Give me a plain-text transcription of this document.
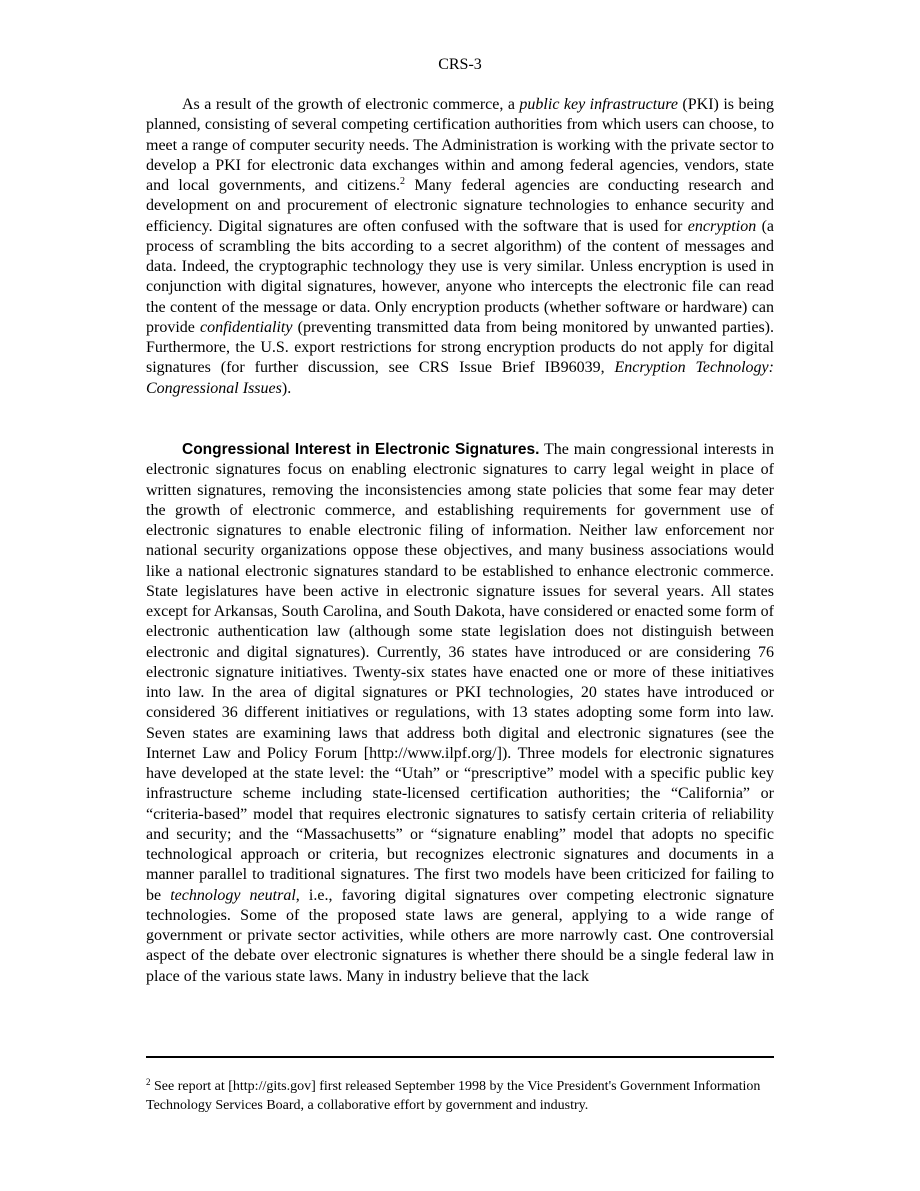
CRS-3

As a result of the growth of electronic commerce, a public key infrastructure (PKI) is being planned, consisting of several competing certification authorities from which users can choose, to meet a range of computer security needs. The Administration is working with the private sector to develop a PKI for electronic data exchanges within and among federal agencies, vendors, state and local governments, and citizens.$^2$ Many federal agencies are conducting research and development on and procurement of electronic signature technologies to enhance security and efficiency. Digital signatures are often confused with the software that is used for encryption (a process of scrambling the bits according to a secret algorithm) of the content of messages and data. Indeed, the cryptographic technology they use is very similar. Unless encryption is used in conjunction with digital signatures, however, anyone who intercepts the electronic file can read the content of the message or data. Only encryption products (whether software or hardware) can provide confidentiality (preventing transmitted data from being monitored by unwanted parties). Furthermore, the U.S. export restrictions for strong encryption products do not apply for digital signatures (for further discussion, see CRS Issue Brief IB96039, Encryption Technology: Congressional Issues).

Congressional Interest in Electronic Signatures. The main congressional interests in electronic signatures focus on enabling electronic signatures to carry legal weight in place of written signatures, removing the inconsistencies among state policies that some fear may deter the growth of electronic commerce, and establishing requirements for government use of electronic signatures to enable electronic filing of information. Neither law enforcement nor national security organizations oppose these objectives, and many business associations would like a national electronic signatures standard to be established to enhance electronic commerce. State legislatures have been active in electronic signature issues for several years. All states except for Arkansas, South Carolina, and South Dakota, have considered or enacted some form of electronic authentication law (although some state legislation does not distinguish between electronic and digital signatures). Currently, 36 states have introduced or are considering 76 electronic signature initiatives. Twenty-six states have enacted one or more of these initiatives into law. In the area of digital signatures or PKI technologies, 20 states have introduced or considered 36 different initiatives or regulations, with 13 states adopting some form into law. Seven states are examining laws that address both digital and electronic signatures (see the Internet Law and Policy Forum [http://www.ilpf.org/]). Three models for electronic signatures have developed at the state level: the “Utah” or “prescriptive” model with a specific public key infrastructure scheme including state-licensed certification authorities; the “California” or “criteria-based” model that requires electronic signatures to satisfy certain criteria of reliability and security; and the “Massachusetts” or “signature enabling” model that adopts no specific technological approach or criteria, but recognizes electronic signatures and documents in a manner parallel to traditional signatures. The first two models have been criticized for failing to be technology neutral, i.e., favoring digital signatures over competing electronic signature technologies. Some of the proposed state laws are general, applying to a wide range of government or private sector activities, while others are more narrowly cast. One controversial aspect of the debate over electronic signatures is whether there should be a single federal law in place of the various state laws. Many in industry believe that the lack

$^2$ See report at [http://gits.gov] first released September 1998 by the Vice President's Government Information Technology Services Board, a collaborative effort by government and industry.
